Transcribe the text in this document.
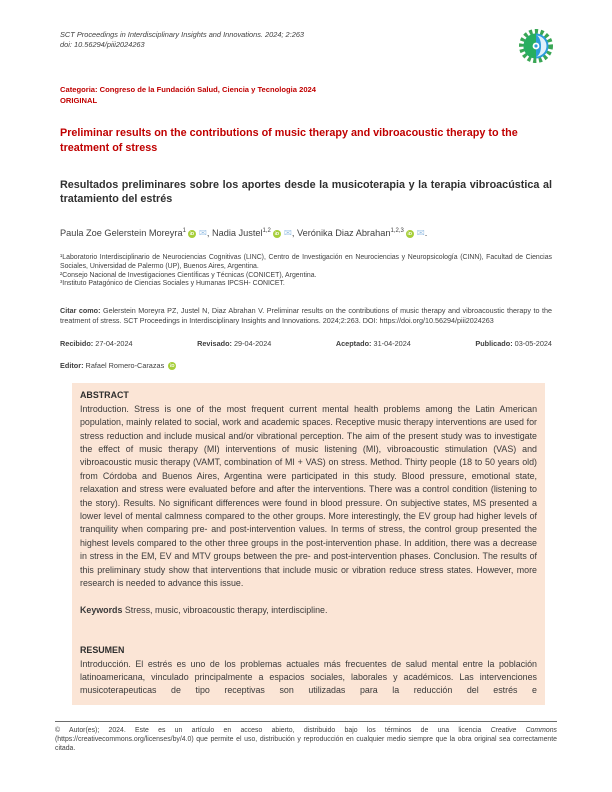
SCT Proceedings in Interdisciplinary Insights and Innovations. 2024; 2:263
doi: 10.56294/piii2024263
Categoria: Congreso de la Fundación Salud, Ciencia y Tecnologia 2024
ORIGINAL
Preliminar results on the contributions of music therapy and vibroacoustic therapy to the treatment of stress
Resultados preliminares sobre los aportes desde la musicoterapia y la terapia vibroacústica al tratamiento del estrés
Paula Zoe Gelerstein Moreyra$^1$ iD ✉, Nadia Justel$^{1,2}$ iD ✉, Verónika Diaz Abrahan$^{1,2,3}$ iD ✉.
¹Laboratorio Interdisciplinario de Neurociencias Cognitivas (LINC), Centro de Investigación en Neurociencias y Neuropsicología (CINN), Facultad de Ciencias Sociales, Universidad de Palermo (UP), Buenos Aires, Argentina.
²Consejo Nacional de Investigaciones Científicas y Técnicas (CONICET), Argentina.
³Instituto Patagónico de Ciencias Sociales y Humanas IPCSH- CONICET.

Citar como: Gelerstein Moreyra PZ, Justel N, Diaz Abrahan V. Preliminar results on the contributions of music therapy and vibroacoustic therapy to the treatment of stress. SCT Proceedings in Interdisciplinary Insights and Innovations. 2024;2:263. DOI: https://doi.org/10.56294/piii2024263

Recibido: 27-04-2024	Revisado: 29-04-2024	Aceptado: 31-04-2024	Publicado: 03-05-2024
Editor: Rafael Romero-Carazas iD
ABSTRACT

Introduction. Stress is one of the most frequent current mental health problems among the Latin American population, mainly related to social, work and academic spaces. Receptive music therapy interventions are used for stress reduction and include musical and/or vibrational perception. The aim of the present study was to investigate the effect of music therapy (MI) interventions of music listening (MI), vibroacoustic stimulation (VAS) and vibroacoustic music therapy (VAMT, combination of MI + VAS) on stress. Method. Thirty people (18 to 50 years old) from Córdoba and Buenos Aires, Argentina were participated in this study. Blood pressure, emotional state, relaxation and stress were evaluated before and after the interventions. There was a control condition (listening to the story). Results. No significant differences were found in blood pressure. On subjective states, MS presented a lower level of mental calmness compared to the other groups. More interestingly, the EV group had higher levels of tranquility when comparing pre- and post-intervention values. In terms of stress, the control group presented the highest levels compared to the other three groups in the post-intervention phase. In addition, there was a decrease in stress in the EM, EV and MTV groups between the pre- and post-intervention phases. Conclusion. The results of this preliminary study show that interventions that include music or vibration reduce stress states. However, more research is needed to advance this issue.

Keywords Stress, music, vibroacoustic therapy, interdiscipline.

RESUMEN

Introducción. El estrés es uno de los problemas actuales más frecuentes de salud mental entre la población latinoamericana, vinculado principalmente a espacios sociales, laborales y académicos. Las intervenciones musicoterapeuticas de tipo receptivas son utilizadas para la reducción del estrés e

© Autor(es); 2024. Este es un artículo en acceso abierto, distribuido bajo los términos de una licencia Creative Commons (https://creativecommons.org/licenses/by/4.0) que permite el uso, distribución y reproducción en cualquier medio siempre que la obra original sea correctamente citada.
